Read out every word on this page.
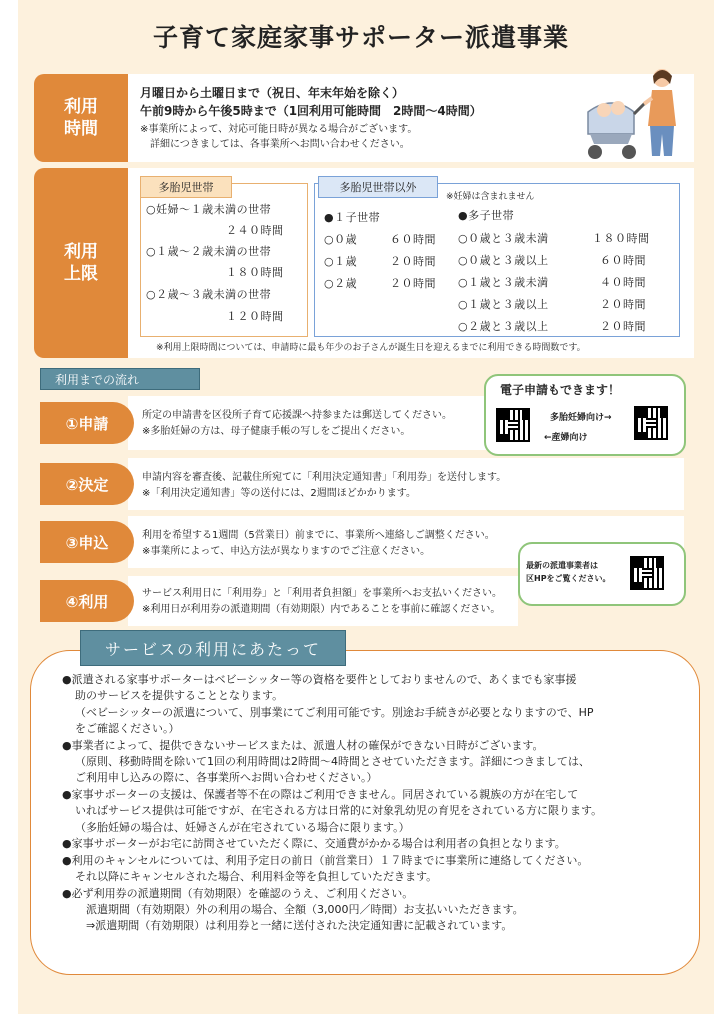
子育て家庭家事サポーター派遣事業
利用
時間
月曜日から土曜日まで（祝日、年末年始を除く）
午前9時から午後5時まで（1回利用可能時間　2時間〜4時間）
※事業所によって、対応可能日時が異なる場合がございます。
　詳細につきましては、各事業所へお問い合わせください。
利用
上限
多胎児世帯
○妊婦〜１歳未満の世帯
２４０時間
○１歳〜２歳未満の世帯
１８０時間
○２歳〜３歳未満の世帯
１２０時間
多胎児世帯以外
※妊婦は含まれません
●１子世帯
○０歳	６０時間
○１歳	２０時間
○２歳	２０時間
●多子世帯
○０歳と３歳未満	１８０時間
○０歳と３歳以上	６０時間
○１歳と３歳未満	４０時間
○１歳と３歳以上	２０時間
○２歳と３歳以上	２０時間
※利用上限時間については、申請時に最も年少のお子さんが誕生日を迎えるまでに利用できる時間数です。
利用までの流れ
①申請	所定の申請書を区役所子育て応援課へ持参または郵送してください。
※多胎妊婦の方は、母子健康手帳の写しをご提出ください。
電子申請もできます！
多胎妊婦向け→
←産婦向け
②決定	申請内容を審査後、記載住所宛てに「利用決定通知書」「利用券」を送付します。
※「利用決定通知書」等の送付には、2週間ほどかかります。
③申込	利用を希望する1週間（5営業日）前までに、事業所へ連絡しご調整ください。
※事業所によって、申込方法が異なりますのでご注意ください。
最新の派遣事業者は
区HPをご覧ください。
④利用	サービス利用日に「利用券」と「利用者負担額」を事業所へお支払いください。
※利用日が利用券の派遣期間（有効期限）内であることを事前に確認ください。
サービスの利用にあたって
●派遣される家事サポーターはベビーシッター等の資格を要件としておりませんので、あくまでも家事援
助のサービスを提供することとなります。
（ベビーシッターの派遣について、別事業にてご利用可能です。別途お手続きが必要となりますので、HP
をご確認ください。）
●事業者によって、提供できないサービスまたは、派遣人材の確保ができない日時がございます。
（原則、移動時間を除いて1回の利用時間は2時間〜4時間とさせていただきます。詳細につきましては、
ご利用申し込みの際に、各事業所へお問い合わせください。）
●家事サポーターの支援は、保護者等不在の際はご利用できません。同居されている親族の方が在宅して
いればサービス提供は可能ですが、在宅される方は日常的に対象乳幼児の育児をされている方に限ります。
（多胎妊婦の場合は、妊婦さんが在宅されている場合に限ります。）
●家事サポーターがお宅に訪問させていただく際に、交通費がかかる場合は利用者の負担となります。
●利用のキャンセルについては、利用予定日の前日（前営業日）１７時までに事業所に連絡してください。
それ以降にキャンセルされた場合、利用料金等を負担していただきます。
●必ず利用券の派遣期間（有効期限）を確認のうえ、ご利用ください。
　派遣期間（有効期限）外の利用の場合、全額（3,000円／時間）お支払いいただきます。
　⇒派遣期間（有効期限）は利用券と一緒に送付された決定通知書に記載されています。
